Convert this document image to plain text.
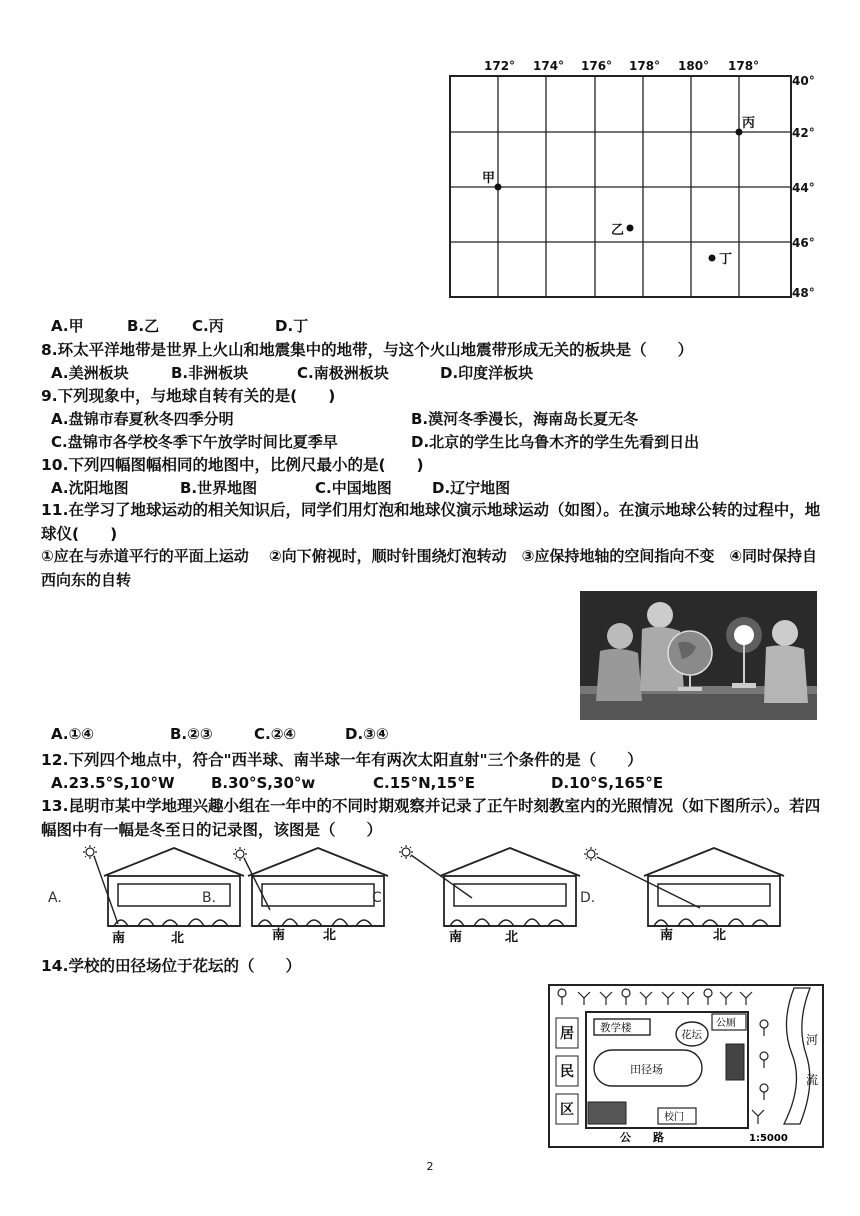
172° 174° 176° 178° 180° 178°
40°
42°
44°
46°
48°
甲
乙
丙
丁
A.甲	B.乙 C.丙	D.丁
8.环太平洋地带是世界上火山和地震集中的地带，与这个火山地震带形成无关的板块是（　　）
A.美洲板块	B.非洲板块	C.南极洲板块	D.印度洋板块
9.下列现象中，与地球自转有关的是(　　)
A.盘锦市春夏秋冬四季分明	B.漠河冬季漫长，海南岛长夏无冬
C.盘锦市各学校冬季下午放学时间比夏季早	D.北京的学生比乌鲁木齐的学生先看到日出
10.下列四幅图幅相同的地图中，比例尺最小的是(　　)
A.沈阳地图	B.世界地图	C.中国地图	D.辽宁地图
11.在学习了地球运动的相关知识后，同学们用灯泡和地球仪演示地球运动（如图）。在演示地球公转的过程中，地球仪(　　)
①应在与赤道平行的平面上运动　 ②向下俯视时，顺时针围绕灯泡转动　③应保持地轴的空间指向不变　④同时保持自西向东的自转
A.①④	B.②③	C.②④	D.③④
12.下列四个地点中，符合"西半球、南半球一年有两次太阳直射"三个条件的是（　　）
A.23.5°S,10°W B.30°S,30°w	C.15°N,15°E	D.10°S,165°E
13.昆明市某中学地理兴趣小组在一年中的不同时期观察并记录了正午时刻教室内的光照情况（如下图所示）。若四幅图中有一幅是冬至日的记录图，该图是（　　）
A.
南	北
B.
南	北
C.
南	北
D.
南	北
14.学校的田径场位于花坛的（　　）
居
民
区
教学楼
花坛
公厕
田径场
校门
公　　路	1:5000
河
流
2
